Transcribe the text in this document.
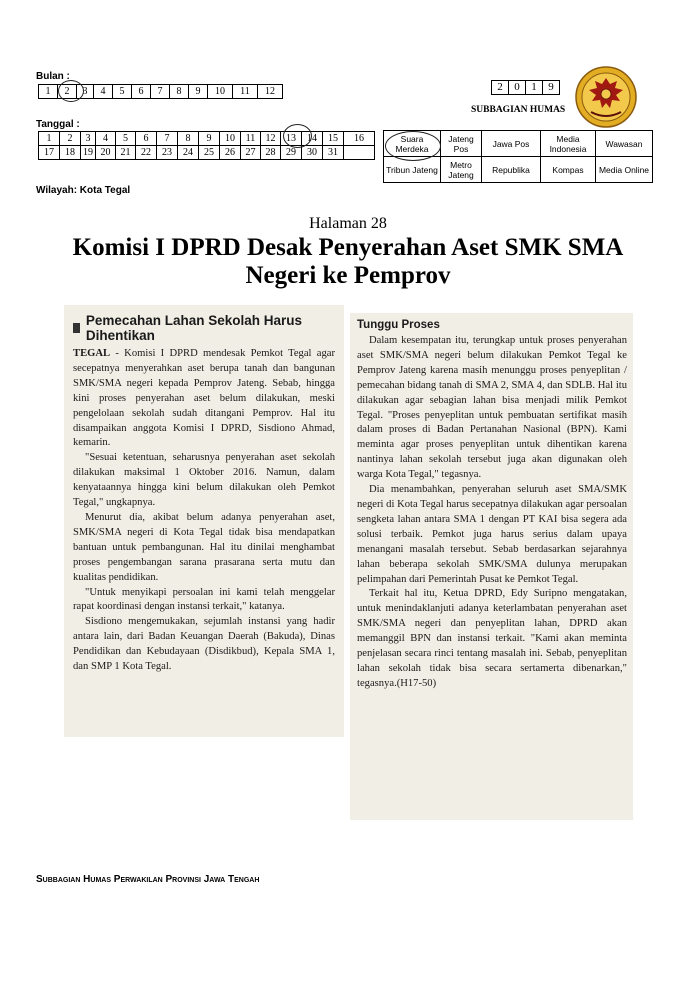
Bulan :
1	2	3	4	5	6	7	8	9	10	11	12
Tanggal :
1	2	3	4	5	6	7	8	9	10	11	12	13	14	15	16
17	18	19	20	21	22	23	24	25	26	27	28	29	30	31	
Wilayah: Kota Tegal
2	0	1	9
SUBBAGIAN HUMAS
Suara Merdeka	Jateng Pos	Jawa Pos	Media Indonesia	Wawasan
Tribun Jateng	Metro Jateng	Republika	Kompas	Media Online
Halaman 28
Komisi I DPRD Desak Penyerahan Aset SMK SMA Negeri ke Pemprov
Pemecahan Lahan Sekolah Harus Dihentikan

TEGAL - Komisi I DPRD mendesak Pemkot Tegal agar secepatnya menyerahkan aset berupa tanah dan bangunan SMK/SMA negeri kepada Pemprov Jateng. Sebab, hingga kini proses penyerahan aset belum dilakukan, meski pengelolaan sekolah sudah ditangani Pemprov. Hal itu disampaikan anggota Komisi I DPRD, Sisdiono Ahmad, kemarin.

"Sesuai ketentuan, seharusnya penyerahan aset sekolah dilakukan maksimal 1 Oktober 2016. Namun, dalam kenyataannya hingga kini belum dilakukan oleh Pemkot Tegal," ungkapnya.

Menurut dia, akibat belum adanya penyerahan aset, SMK/SMA negeri di Kota Tegal tidak bisa mendapatkan bantuan untuk pembangunan. Hal itu dinilai menghambat proses pengembangan sarana prasarana serta mutu dan kualitas pendidikan.

"Untuk menyikapi persoalan ini kami telah menggelar rapat koordinasi dengan instansi terkait," katanya.

Sisdiono mengemukakan, sejumlah instansi yang hadir antara lain, dari Badan Keuangan Daerah (Bakuda), Dinas Pendidikan dan Kebudayaan (Disdikbud), Kepala SMA 1, dan SMP 1 Kota Tegal.

Tunggu Proses

Dalam kesempatan itu, terungkap untuk proses penyerahan aset SMK/SMA negeri belum dilakukan Pemkot Tegal ke Pemprov Jateng karena masih menunggu proses penyeplitan / pemecahan bidang tanah di SMA 2, SMA 4, dan SDLB. Hal itu dilakukan agar sebagian lahan bisa menjadi milik Pemkot Tegal. "Proses penyeplitan untuk pembuatan sertifikat masih dalam proses di Badan Pertanahan Nasional (BPN). Kami meminta agar proses penyeplitan untuk dihentikan karena nantinya lahan sekolah tersebut juga akan digunakan oleh warga Kota Tegal," tegasnya.

Dia menambahkan, penyerahan seluruh aset SMA/SMK negeri di Kota Tegal harus secepatnya dilakukan agar persoalan sengketa lahan antara SMA 1 dengan PT KAI bisa segera ada solusi terbaik. Pemkot juga harus serius dalam upaya menangani masalah tersebut. Sebab berdasarkan sejarahnya lahan beberapa sekolah SMK/SMA dulunya merupakan pelimpahan dari Pemerintah Pusat ke Pemkot Tegal.

Terkait hal itu, Ketua DPRD, Edy Suripno mengatakan, untuk menindaklanjuti adanya keterlambatan penyerahan aset SMK/SMA negeri dan penyeplitan lahan, DPRD akan memanggil BPN dan instansi terkait. "Kami akan meminta penjelasan secara rinci tentang masalah ini. Sebab, penyeplitan lahan sekolah tidak bisa secara sertamerta dibenarkan," tegasnya.(H17-50)

Subbagian Humas Perwakilan Provinsi Jawa Tengah
